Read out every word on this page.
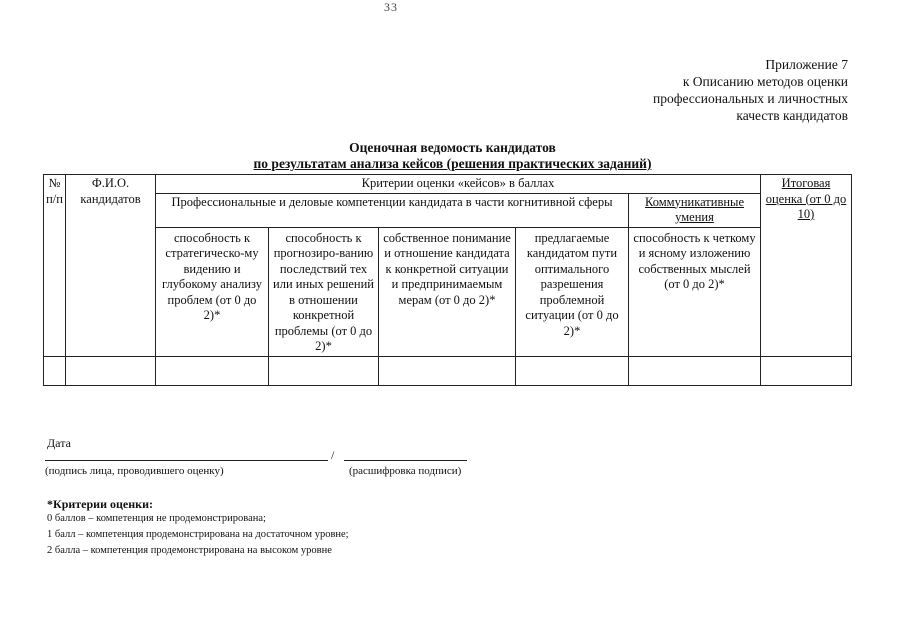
33
Приложение 7
к Описанию методов оценки
профессиональных и личностных
качеств кандидатов
Оценочная ведомость кандидатов
по результатам анализа кейсов (решения практических заданий)
№ п/п	Ф.И.О. кандидатов	Критерии оценки «кейсов» в баллах					Итоговая оценка (от 0 до 10)
		Профессиональные и деловые компетенции кандидата в части когнитивной сферы				Коммуникативные умения	
		способность к стратегическо-му видению и глубокому анализу проблем (от 0 до 2)*	способность к прогнозиро-ванию последствий тех или иных решений в отношении конкретной проблемы (от 0 до 2)*	собственное понимание и отношение кандидата к конкретной ситуации и предпринимаемым мерам (от 0 до 2)*	предлагаемые кандидатом пути оптимального разрешения проблемной ситуации (от 0 до 2)*	способность к четкому и ясному изложению собственных мыслей (от 0 до 2)*	

Дата
/
(подпись лица, проводившего оценку)	(расшифровка подписи)
*Критерии оценки:
0 баллов – компетенция не продемонстрирована;
1 балл – компетенция продемонстрирована на достаточном уровне;
2 балла – компетенция продемонстрирована на высоком уровне
